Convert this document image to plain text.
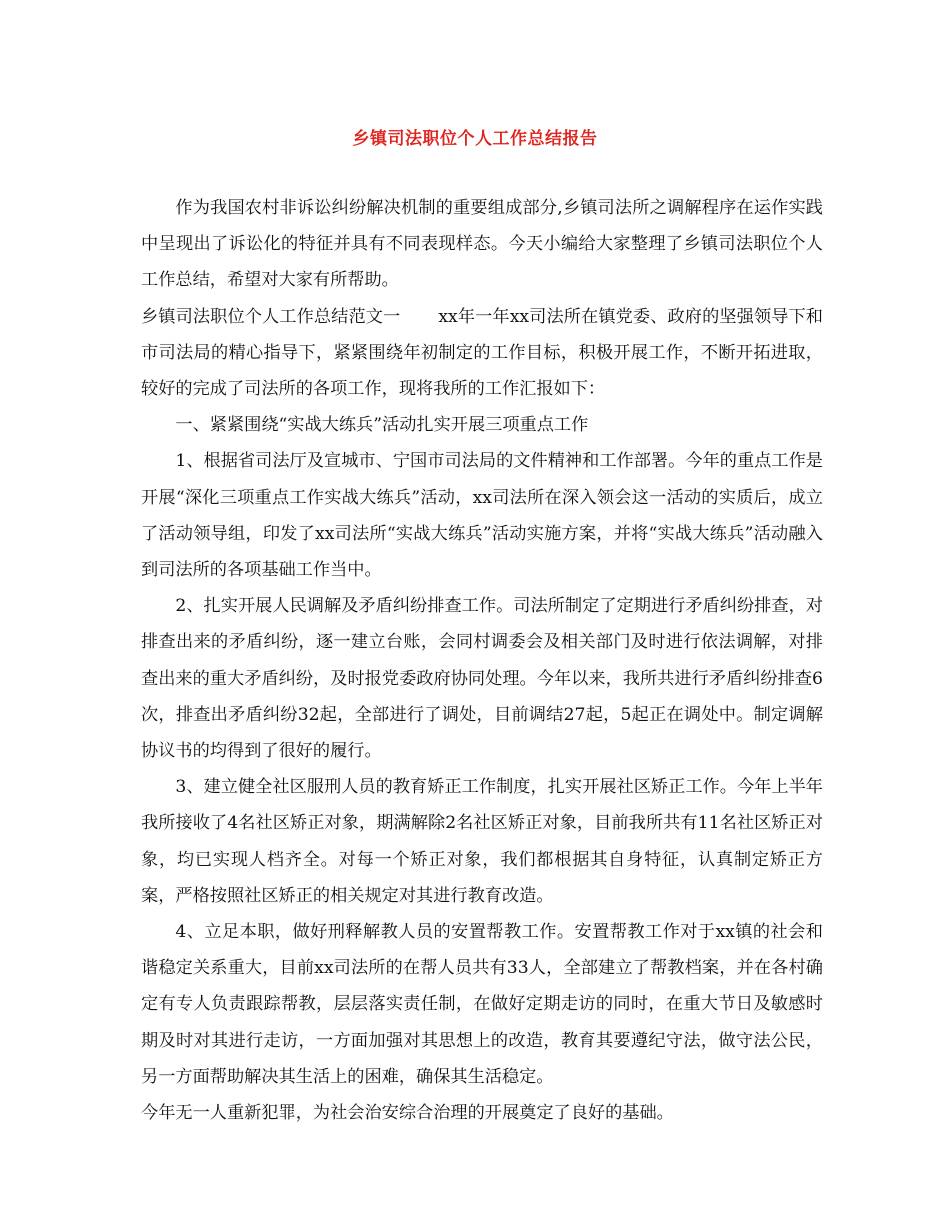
乡镇司法职位个人工作总结报告

作为我国农村非诉讼纠纷解决机制的重要组成部分,乡镇司法所之调解程序在运作实践中呈现出了诉讼化的特征并具有不同表现样态。今天小编给大家整理了乡镇司法职位个人工作总结，希望对大家有所帮助。

乡镇司法职位个人工作总结范文一 xx年一年xx司法所在镇党委、政府的坚强领导下和市司法局的精心指导下，紧紧围绕年初制定的工作目标，积极开展工作，不断开拓进取，较好的完成了司法所的各项工作，现将我所的工作汇报如下：

一、紧紧围绕“实战大练兵”活动扎实开展三项重点工作

1、根据省司法厅及宣城市、宁国市司法局的文件精神和工作部署。今年的重点工作是开展“深化三项重点工作实战大练兵”活动，xx司法所在深入领会这一活动的实质后，成立了活动领导组，印发了xx司法所“实战大练兵”活动实施方案，并将“实战大练兵”活动融入到司法所的各项基础工作当中。

2、扎实开展人民调解及矛盾纠纷排查工作。司法所制定了定期进行矛盾纠纷排查，对排查出来的矛盾纠纷，逐一建立台账，会同村调委会及相关部门及时进行依法调解，对排查出来的重大矛盾纠纷，及时报党委政府协同处理。今年以来，我所共进行矛盾纠纷排查6次，排查出矛盾纠纷32起，全部进行了调处，目前调结27起，5起正在调处中。制定调解协议书的均得到了很好的履行。

3、建立健全社区服刑人员的教育矫正工作制度，扎实开展社区矫正工作。今年上半年我所接收了4名社区矫正对象，期满解除2名社区矫正对象，目前我所共有11名社区矫正对象，均已实现人档齐全。对每一个矫正对象，我们都根据其自身特征，认真制定矫正方案，严格按照社区矫正的相关规定对其进行教育改造。

4、立足本职，做好刑释解教人员的安置帮教工作。安置帮教工作对于xx镇的社会和谐稳定关系重大，目前xx司法所的在帮人员共有33人，全部建立了帮教档案，并在各村确定有专人负责跟踪帮教，层层落实责任制，在做好定期走访的同时，在重大节日及敏感时期及时对其进行走访，一方面加强对其思想上的改造，教育其要遵纪守法，做守法公民，另一方面帮助解决其生活上的困难，确保其生活稳定。

今年无一人重新犯罪，为社会治安综合治理的开展奠定了良好的基础。
